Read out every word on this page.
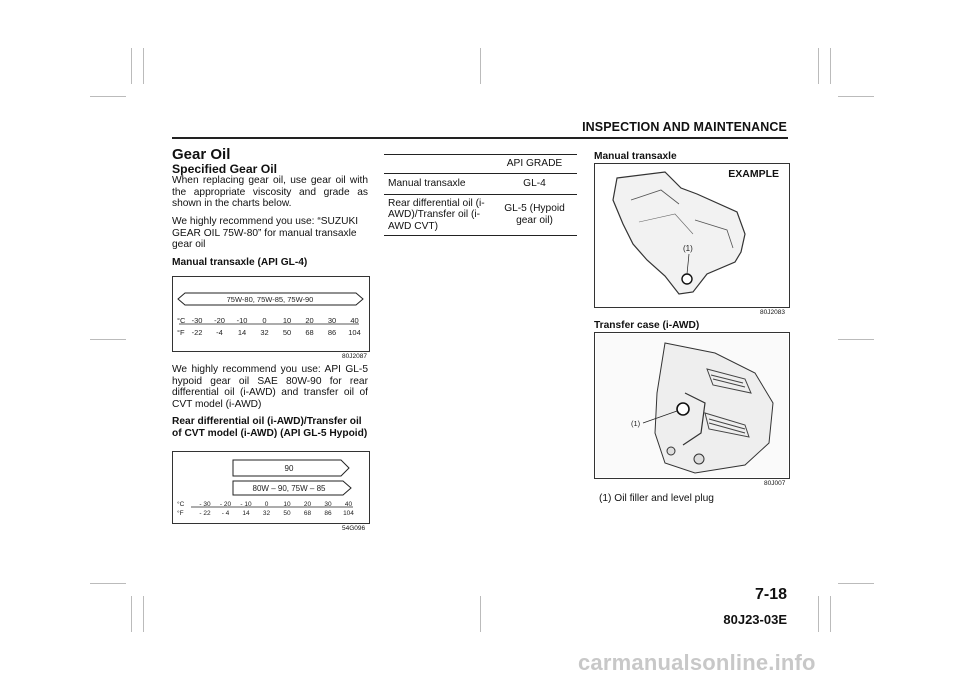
INSPECTION AND MAINTENANCE
Gear Oil
Specified Gear Oil

When replacing gear oil, use gear oil with the appropriate viscosity and grade as shown in the charts below.

We highly recommend you use: “SUZUKI GEAR OIL 75W-80” for manual transaxle gear oil

Manual transaxle (API GL-4)

75W-80, 75W-85, 75W-90
°C
°F
-30 -20 -10 0 10 20 30 40
-22 -4 14 32 50 68 86 104
80J2087

We highly recommend you use: API GL-5 hypoid gear oil SAE 80W-90 for rear differential oil (i-AWD) and transfer oil of CVT model (i-AWD)

Rear differential oil (i-AWD)/Transfer oil of CVT model (i-AWD) (API GL-5 Hypoid)

90
80W – 90, 75W – 85
°C
°F
- 30 - 20 - 10 0 10 20 30 40
- 22 - 4 14 32 50 68 86 104
54G096
	API GRADE
Manual transaxle	GL-4
Rear differential oil (i-AWD)/Transfer oil (i-AWD CVT)	GL-5 (Hypoid gear oil)
Manual transaxle
(1)
EXAMPLE
80J2083
Transfer case (i-AWD)
(1)
80J007
(1) Oil filler and level plug
7-18
80J23-03E
carmanualsonline.info
